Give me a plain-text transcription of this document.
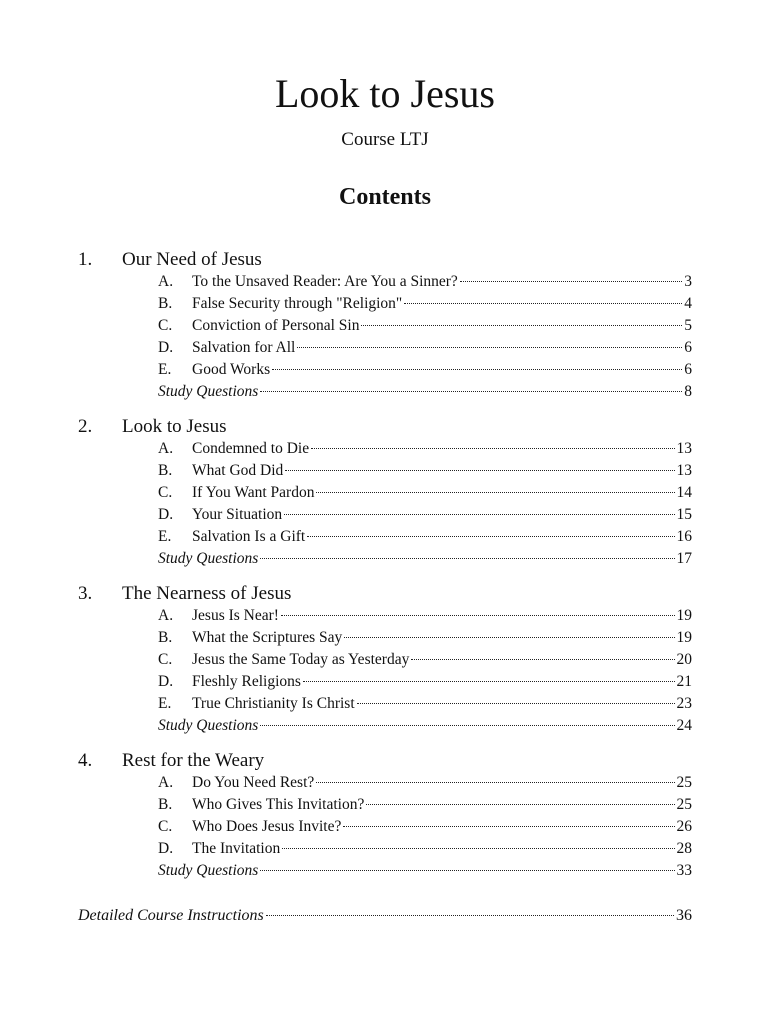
Look to Jesus
Course LTJ
Contents
1. Our Need of Jesus
A.	To the Unsaved Reader: Are You a Sinner?	3
B.	False Security through "Religion"	4
C.	Conviction of Personal Sin	5
D.	Salvation for All	6
E.	Good Works	6
Study Questions	8
2. Look to Jesus
A.	Condemned to Die	13
B.	What God Did	13
C.	If You Want Pardon	14
D.	Your Situation	15
E.	Salvation Is a Gift	16
Study Questions	17
3. The Nearness of Jesus
A.	Jesus Is Near!	19
B.	What the Scriptures Say	19
C.	Jesus the Same Today as Yesterday	20
D.	Fleshly Religions	21
E.	True Christianity Is Christ	23
Study Questions	24
4. Rest for the Weary
A.	Do You Need Rest?	25
B.	Who Gives This Invitation?	25
C.	Who Does Jesus Invite?	26
D.	The Invitation	28
Study Questions	33
Detailed Course Instructions	36
